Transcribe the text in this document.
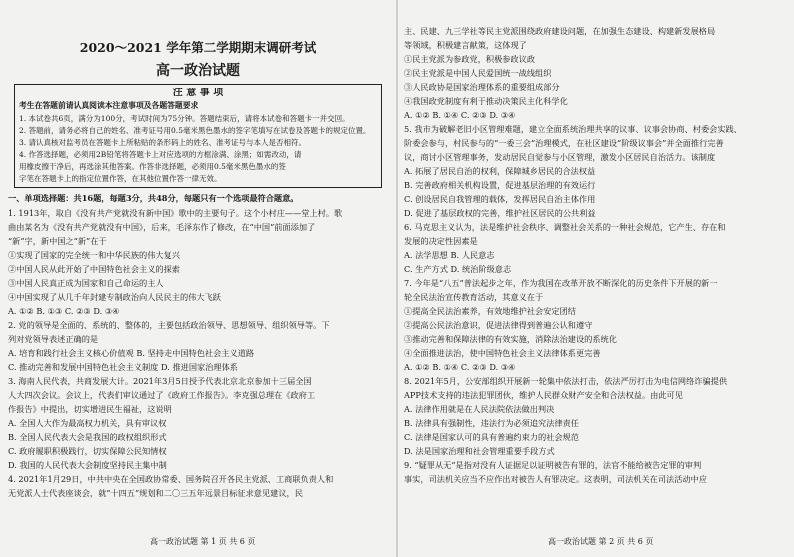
2020～2021 学年第二学期期末调研考试
高一政治试题
注 意 事 项
考生在答题前请认真阅读本注意事项及各题答题要求
1. 本试卷共6页，满分为100分，考试时间为75分钟。答题结束后，请将本试卷和答题卡一并交回。
2. 答题前，请务必将自己的姓名、准考证号用0.5毫米黑色墨水的签字笔填写在试卷及答题卡的规定位置。
3. 请认真核对监考员在答题卡上所粘贴的条形码上的姓名、准考证号与本人是否相符。
4. 作答选择题，必须用2B铅笔将答题卡上对应选项的方框涂满、涂黑；如需改动，请
用橡皮擦干净后，再选涂其他答案。作答非选择题，必须用0.5毫米黑色墨水的签
字笔在答题卡上的指定位置作答，在其他位置作答一律无效。
一、单项选择题：共16题，每题3分，共48分，每题只有一个选项最符合题意。
1. 1913年，取自《没有共产党就没有新中国》歌中的主要句子。这个小村庄——堂上村。歌
曲由某名为《没有共产党就没有中国》，后来，毛泽东作了修改，在“中国”前面添加了
“新”字，新中国之“新”在于
①实现了国家的完全统一和中华民族的伟大复兴
②中国人民从此开始了中国特色社会主义的探索
③中国人民真正成为国家和自己命运的主人
④中国实现了从几千年封建专制政治向人民民主的伟大飞跃
A. ①② B. ①③ C. ②③ D. ③④
2. 党的领导是全面的、系统的、整体的，主要包括政治领导、思想领导、组织领导等。下
列对党领导表述正确的是
A. 培育和践行社会主义核心价值观 B. 坚持走中国特色社会主义道路
C. 推动完善和发展中国特色社会主义制度 D. 推进国家治理体系
3. 海南人民代表，共商发展大计。2021年3月5日授予代表北京北京参加十三届全国
人大四次会议。会议上，代表们审议通过了《政府工作报告》。李克强总理在《政府工
作报告》中提出，切实增进民生福祉，这说明
A. 全国人大作为最高权力机关，具有审议权
B. 全国人民代表大会是我国的政权组织形式
C. 政府履职积极践行，切实保障公民知情权
D. 我国的人民代表大会制度坚持民主集中制
4. 2021年1月29日，中共中央在全国政协常委、国务院召开各民主党派、工商联负责人和
无党派人士代表座谈会，就“十四五”规划和二〇三五年远景目标征求意见建议，民
高一政治试题 第 1 页 共 6 页
主、民建、九三学社等民主党派围绕政府建设问题，在加强生态建设、构建新发展格局
等领域，积极建言献策，这体现了
①民主党派为参政党，积极参政议政
②民主党派是中国人民爱国统一战线组织
③人民政协是国家治理体系的重要组成部分
④我国政党制度有利于推动决策民主化科学化
A. ①② B. ①④ C. ②③ D. ③④
5. 我市为破解老旧小区管理难题，建立全面系统治理共享的议事、议事会协商、村委会实践、
阶委会参与，村民参与的“一委三会”治理模式，在社区建设“阶级议事会”并全面推行完善
议，商讨小区管理事务，发动居民自觉参与小区管理，激发小区居民自治活力。该制度
A. 拓展了居民自治的权利，保障城乡居民的合法权益
B. 完善政府相关机构设置，促进基层治理的有效运行
C. 创设居民自我管理的载体，发挥居民自治主体作用
D. 促进了基层政权的完善，维护社区居民的公共利益
6. 马克思主义认为，法是维护社会秩序、调整社会关系的一种社会规范，它产生、存在和
发展的决定性因素是
A. 法学思想 B. 人民意志
C. 生产方式 D. 统治阶级意志
7. 今年是“八五”普法起步之年，作为我国在改革开放不断深化的历史条件下开展的新一
轮全民法治宣传教育活动，其意义在于
①提高全民法治素养，有效地维护社会安定团结
②提高公民法治意识，促进法律得到普遍公认和遵守
③推动完善和保障法律的有效实施，消除法治建设的系统化
④全面推进法治，使中国特色社会主义法律体系更完善
A. ①② B. ①④ C. ②③ D. ③④
8. 2021年5月，公安部组织开展新一轮集中依法打击，依法严厉打击为电信网络诈骗提供
APP技术支持的违法犯罪团伙，维护人民群众财产安全和合法权益。由此可见
A. 法律作用就是在人民法院依法做出判决
B. 法律具有强制性，违法行为必须追究法律责任
C. 法律是国家认可的具有普遍约束力的社会规范
D. 法是国家治理和社会管理重要手段方式
9. “疑罪从无”是指对没有人证据足以证明被告有罪的，法官不能给被告定罪的审判
事实，司法机关应当不应作出对被告人有罪决定。这表明，司法机关在司法活动中应
高一政治试题 第 2 页 共 6 页
